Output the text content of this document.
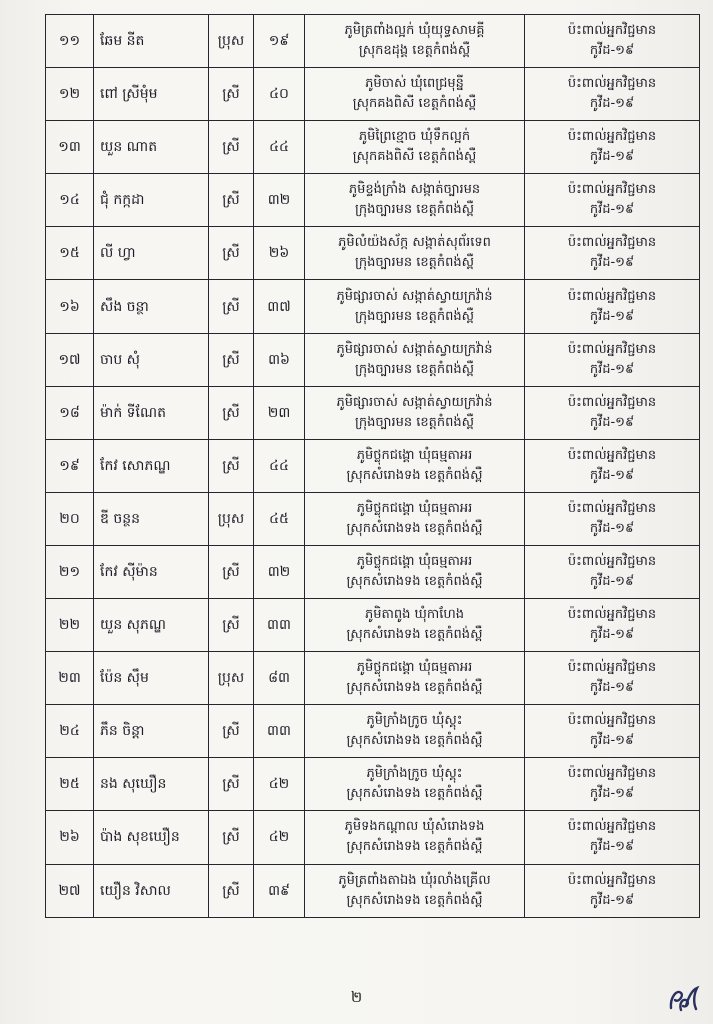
១១	ឆែម នីត	ប្រុស	១៩	ភូមិត្រពាំងល្អក់ ឃុំយុទ្ធសាមគ្គី
ស្រុកឧដុង្គ ខេត្តកំពង់ស្ពឺ	ប៉ះពាល់អ្នកវិជ្ជមាន
កូវីដ-១៩

១២	ពៅ ស្រីមុំម	ស្រី	៤០	ភូមិចាស់ ឃុំពេជ្រមុន្នី
ស្រុកគងពិសី ខេត្តកំពង់ស្ពឺ	ប៉ះពាល់អ្នកវិជ្ជមាន
កូវីដ-១៩

១៣	យួន ណាត	ស្រី	៤៤	ភូមិព្រៃខ្មោច ឃុំទឹកល្អក់
ស្រុកគងពិសី ខេត្តកំពង់ស្ពឺ	ប៉ះពាល់អ្នកវិជ្ជមាន
កូវីដ-១៩

១៤	ជុំ កក្កដា	ស្រី	៣២	ភូមិខ្ទង់ក្រាំង សង្កាត់ច្បារមន
ក្រុងច្បារមន ខេត្តកំពង់ស្ពឺ	ប៉ះពាល់អ្នកវិជ្ជមាន
កូវីដ-១៩

១៥	លី ហ្វា	ស្រី	២៦	ភូមិលំយ៉ងស័ក្ក សង្កាត់សុព័រទេព
ក្រុងច្បារមន ខេត្តកំពង់ស្ពឺ	ប៉ះពាល់អ្នកវិជ្ជមាន
កូវីដ-១៩

១៦	សឹង ចន្ថា	ស្រី	៣៧	ភូមិផ្សារចាស់ សង្កាត់ស្វាយក្រវ៉ាន់
ក្រុងច្បារមន ខេត្តកំពង់ស្ពឺ	ប៉ះពាល់អ្នកវិជ្ជមាន
កូវីដ-១៩

១៧	ចាប សុំ	ស្រី	៣៦	ភូមិផ្សារចាស់ សង្កាត់ស្វាយក្រវ៉ាន់
ក្រុងច្បារមន ខេត្តកំពង់ស្ពឺ	ប៉ះពាល់អ្នកវិជ្ជមាន
កូវីដ-១៩

១៨	ម៉ាក់ ទីណែត	ស្រី	២៣	ភូមិផ្សារចាស់ សង្កាត់ស្វាយក្រវ៉ាន់
ក្រុងច្បារមន ខេត្តកំពង់ស្ពឺ	ប៉ះពាល់អ្នកវិជ្ជមាន
កូវីដ-១៩

១៩	កែវ សោភណ្ឌ	ស្រី	៤៤	ភូមិថ្លុកជង្គោ ឃុំធម្មតាអរ
ស្រុកសំរោងទង ខេត្តកំពង់ស្ពឺ	ប៉ះពាល់អ្នកវិជ្ជមាន
កូវីដ-១៩

២០	ឌី ចន្ថន	ប្រុស	៤៥	ភូមិថ្លុកជង្គោ ឃុំធម្មតាអរ
ស្រុកសំរោងទង ខេត្តកំពង់ស្ពឺ	ប៉ះពាល់អ្នកវិជ្ជមាន
កូវីដ-១៩

២១	កែវ ស៊ីម៉ាន	ស្រី	៣២	ភូមិថ្លុកជង្គោ ឃុំធម្មតាអរ
ស្រុកសំរោងទង ខេត្តកំពង់ស្ពឺ	ប៉ះពាល់អ្នកវិជ្ជមាន
កូវីដ-១៩

២២	យួន សុភណ្ឌ	ស្រី	៣៣	ភូមិតាពូង ឃុំកាហែង
ស្រុកសំរោងទង ខេត្តកំពង់ស្ពឺ	ប៉ះពាល់អ្នកវិជ្ជមាន
កូវីដ-១៩

២៣	ប៉ែន ស៊ឹម	ប្រុស	៨៣	ភូមិថ្លុកជង្គោ ឃុំធម្មតាអរ
ស្រុកសំរោងទង ខេត្តកំពង់ស្ពឺ	ប៉ះពាល់អ្នកវិជ្ជមាន
កូវីដ-១៩

២៤	ភឹន ចិន្តា	ស្រី	៣៣	ភូមិក្រាំងក្រូច ឃុំស្គុះ
ស្រុកសំរោងទង ខេត្តកំពង់ស្ពឺ	ប៉ះពាល់អ្នកវិជ្ជមាន
កូវីដ-១៩

២៥	នង សុឃឿន	ស្រី	៤២	ភូមិក្រាំងក្រូច ឃុំស្គុះ
ស្រុកសំរោងទង ខេត្តកំពង់ស្ពឺ	ប៉ះពាល់អ្នកវិជ្ជមាន
កូវីដ-១៩

២៦	ប៉ាង សុខឃឿន	ស្រី	៤២	ភូមិទងកណ្តាល ឃុំសំរោងទង
ស្រុកសំរោងទង ខេត្តកំពង់ស្ពឺ	ប៉ះពាល់អ្នកវិជ្ជមាន
កូវីដ-១៩

២៧	យឿន វិសាល	ស្រី	៣៩	ភូមិត្រពាំងតាឯង ឃុំរលាំងគ្រើល
ស្រុកសំរោងទង ខេត្តកំពង់ស្ពឺ	ប៉ះពាល់អ្នកវិជ្ជមាន
កូវីដ-១៩
២
